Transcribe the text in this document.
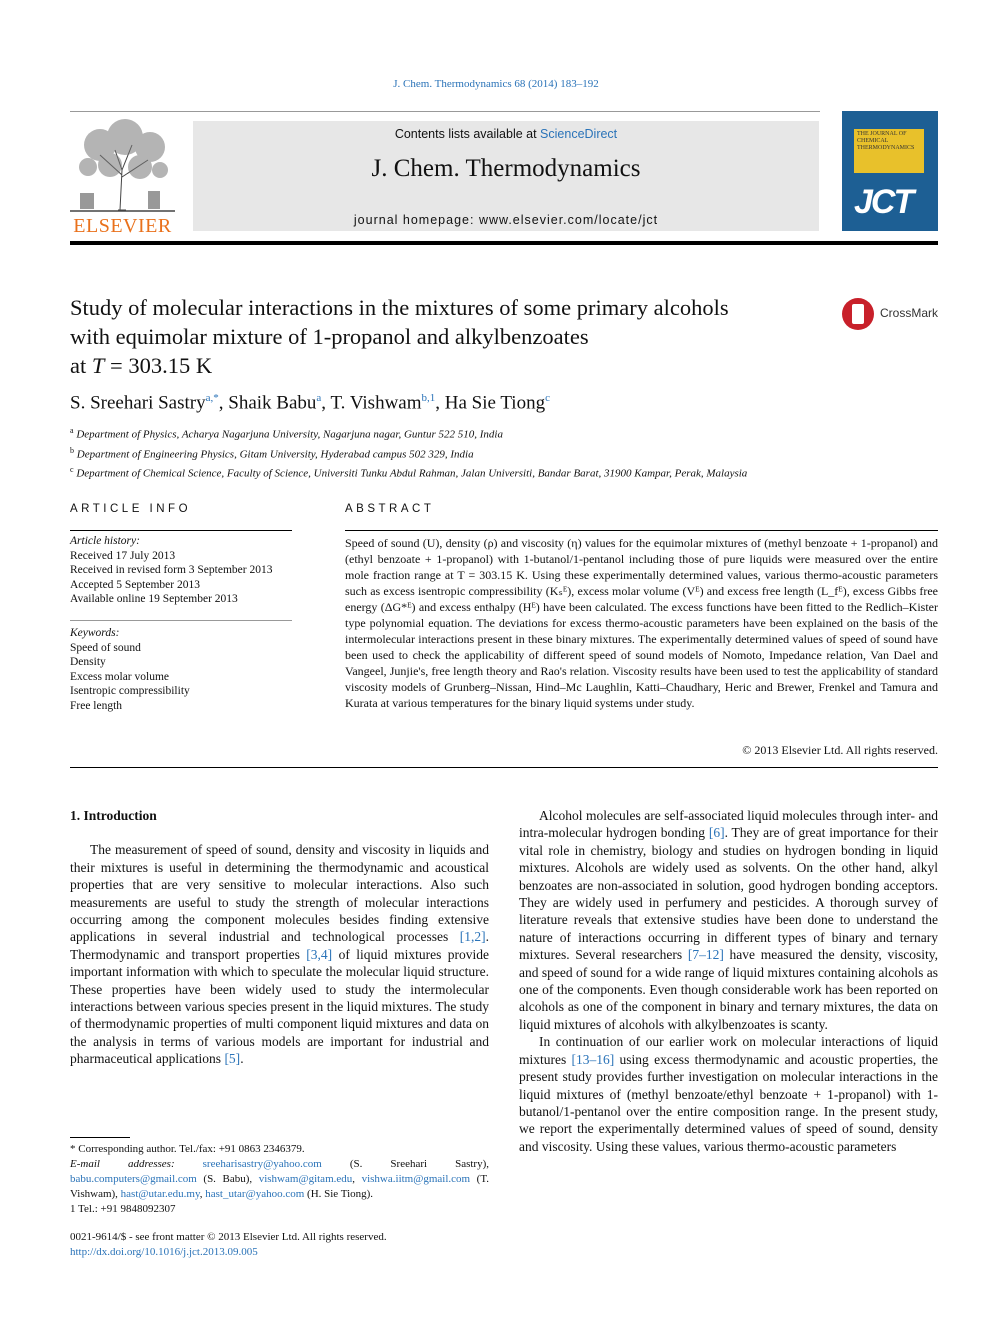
J. Chem. Thermodynamics 68 (2014) 183–192
ELSEVIER
Contents lists available at ScienceDirect
J. Chem. Thermodynamics
journal homepage: www.elsevier.com/locate/jct
THE JOURNAL OF CHEMICAL THERMODYNAMICS
JCT
Study of molecular interactions in the mixtures of some primary alcohols
with equimolar mixture of 1-propanol and alkylbenzoates
at T = 303.15 K
CrossMark
S. Sreehari Sastry$^{a,*}$, Shaik Babu$^a$, T. Vishwam$^{b,1}$, Ha Sie Tiong$^c$
$^a$ Department of Physics, Acharya Nagarjuna University, Nagarjuna nagar, Guntur 522 510, India
$^b$ Department of Engineering Physics, Gitam University, Hyderabad campus 502 329, India
$^c$ Department of Chemical Science, Faculty of Science, Universiti Tunku Abdul Rahman, Jalan Universiti, Bandar Barat, 31900 Kampar, Perak, Malaysia
ARTICLE INFO	ABSTRACT
Article history:
Received 17 July 2013
Received in revised form 3 September 2013
Accepted 5 September 2013
Available online 19 September 2013
Keywords:
Speed of sound
Density
Excess molar volume
Isentropic compressibility
Free length
Speed of sound (U), density (ρ) and viscosity (η) values for the equimolar mixtures of (methyl benzoate + 1-propanol) and (ethyl benzoate + 1-propanol) with 1-butanol/1-pentanol including those of pure liquids were measured over the entire mole fraction range at T = 303.15 K. Using these experimentally determined values, various thermo-acoustic parameters such as excess isentropic compressibility (Kₛᴱ), excess molar volume (Vᴱ) and excess free length (L_fᴱ), excess Gibbs free energy (ΔG*ᴱ) and excess enthalpy (Hᴱ) have been calculated. The excess functions have been fitted to the Redlich–Kister type polynomial equation. The deviations for excess thermo-acoustic parameters have been explained on the basis of the intermolecular interactions present in these binary mixtures. The experimentally determined values of speed of sound have been used to check the applicability of different speed of sound models of Nomoto, Impedance relation, Van Dael and Vangeel, Junjie's, free length theory and Rao's relation. Viscosity results have been used to test the applicability of standard viscosity models of Grunberg–Nissan, Hind–Mc Laughlin, Katti–Chaudhary, Heric and Brewer, Frenkel and Tamura and Kurata at various temperatures for the binary liquid systems under study.
© 2013 Elsevier Ltd. All rights reserved.
1. Introduction

The measurement of speed of sound, density and viscosity in liquids and their mixtures is useful in determining the thermodynamic and acoustical properties that are very sensitive to molecular interactions. Also such measurements are useful to study the strength of molecular interactions occurring among the component molecules besides finding extensive applications in several industrial and technological processes [1,2]. Thermodynamic and transport properties [3,4] of liquid mixtures provide important information with which to speculate the molecular liquid structure. These properties have been widely used to study the intermolecular interactions between various species present in the liquid mixtures. The study of thermodynamic properties of multi component liquid mixtures and data on the analysis in terms of various models are important for industrial and pharmaceutical applications [5].

Alcohol molecules are self-associated liquid molecules through inter- and intra-molecular hydrogen bonding [6]. They are of great importance for their vital role in chemistry, biology and studies on hydrogen bonding in liquid mixtures. Alcohols are widely used as solvents. On the other hand, alkyl benzoates are non-associated in solution, good hydrogen bonding acceptors. They are widely used in perfumery and pesticides. A thorough survey of literature reveals that extensive studies have been done to understand the nature of interactions occurring in different types of binary and ternary mixtures. Several researchers [7–12] have measured the density, viscosity, and speed of sound for a wide range of liquid mixtures containing alcohols as one of the components. Even though considerable work has been reported on alcohols as one of the component in binary and ternary mixtures, the data on liquid mixtures of alcohols with alkylbenzoates is scanty.

In continuation of our earlier work on molecular interactions of liquid mixtures [13–16] using excess thermodynamic and acoustic properties, the present study provides further investigation on molecular interactions in the liquid mixtures of (methyl benzoate/ethyl benzoate + 1-propanol) with 1-butanol/1-pentanol over the entire composition range. In the present study, we report the experimentally determined values of speed of sound, density and viscosity. Using these values, various thermo-acoustic parameters

* Corresponding author. Tel./fax: +91 0863 2346379.
E-mail addresses:	sreeharisastry@yahoo.com (S. Sreehari Sastry), babu.computers@gmail.com (S. Babu), vishwam@gitam.edu, vishwa.iitm@gmail.com (T. Vishwam), hast@utar.edu.my, hast_utar@yahoo.com (H. Sie Tiong).
1 Tel.: +91 9848092307
0021-9614/$ - see front matter © 2013 Elsevier Ltd. All rights reserved.
http://dx.doi.org/10.1016/j.jct.2013.09.005
